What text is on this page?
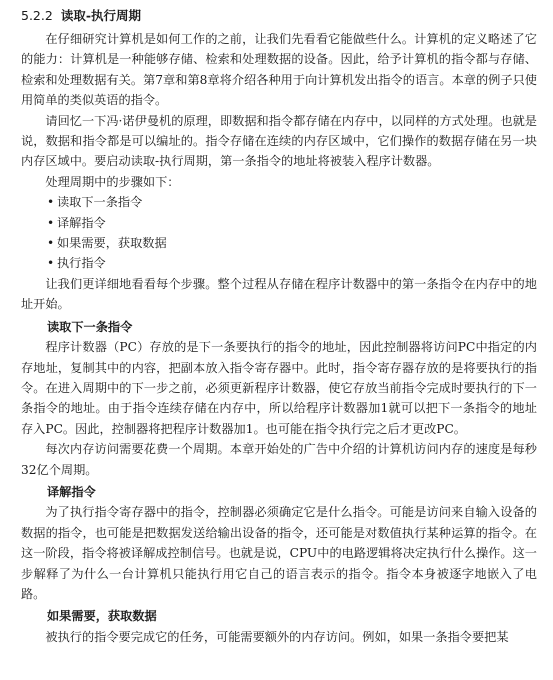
5.2.2 读取-执行周期

在仔细研究计算机是如何工作的之前，让我们先看看它能做些什么。计算机的定义略述了它的能力：计算机是一种能够存储、检索和处理数据的设备。因此，给予计算机的指令都与存储、检索和处理数据有关。第7章和第8章将介绍各种用于向计算机发出指令的语言。本章的例子只使用简单的类似英语的指令。

请回忆一下冯·诺伊曼机的原理，即数据和指令都存储在内存中，以同样的方式处理。也就是说，数据和指令都是可以编址的。指令存储在连续的内存区域中，它们操作的数据存储在另一块内存区域中。要启动读取-执行周期，第一条指令的地址将被装入程序计数器。

处理周期中的步骤如下：

• 读取下一条指令
• 译解指令
• 如果需要，获取数据
• 执行指令

让我们更详细地看看每个步骤。整个过程从存储在程序计数器中的第一条指令在内存中的地址开始。

读取下一条指令

程序计数器（PC）存放的是下一条要执行的指令的地址，因此控制器将访问PC中指定的内存地址，复制其中的内容，把副本放入指令寄存器中。此时，指令寄存器存放的是将要执行的指令。在进入周期中的下一步之前，必须更新程序计数器，使它存放当前指令完成时要执行的下一条指令的地址。由于指令连续存储在内存中，所以给程序计数器加1就可以把下一条指令的地址存入PC。因此，控制器将把程序计数器加1。也可能在指令执行完之后才更改PC。

每次内存访问需要花费一个周期。本章开始处的广告中介绍的计算机访问内存的速度是每秒32亿个周期。

译解指令

为了执行指令寄存器中的指令，控制器必须确定它是什么指令。可能是访问来自输入设备的数据的指令，也可能是把数据发送给输出设备的指令，还可能是对数值执行某种运算的指令。在这一阶段，指令将被译解成控制信号。也就是说，CPU中的电路逻辑将决定执行什么操作。这一步解释了为什么一台计算机只能执行用它自己的语言表示的指令。指令本身被逐字地嵌入了电路。

如果需要，获取数据

被执行的指令要完成它的任务，可能需要额外的内存访问。例如，如果一条指令要把某
